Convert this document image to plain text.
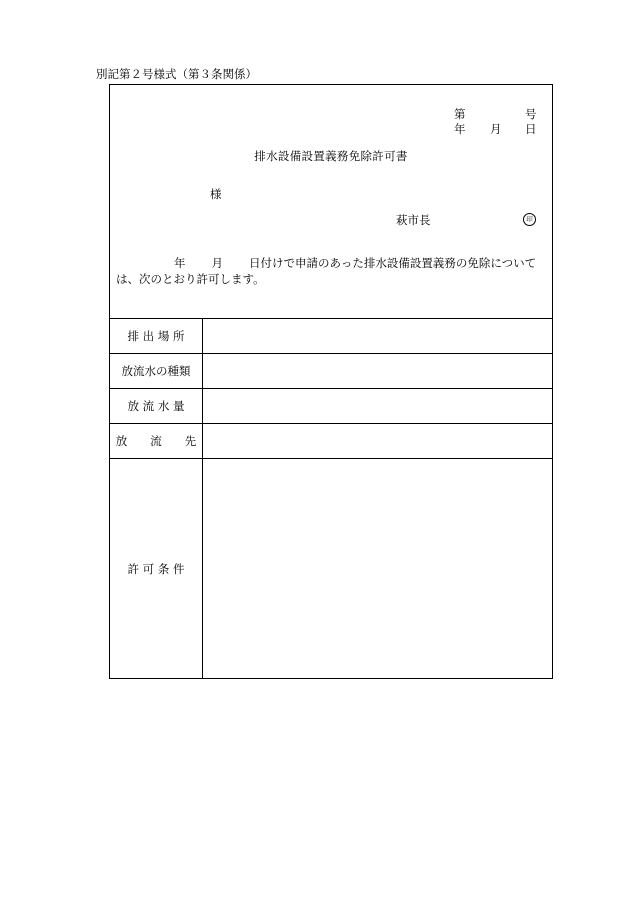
別記第２号様式（第３条関係）
第	号
年 月 日
排水設備設置義務免除許可書
様
萩市長	印
年 月 日付けで申請のあった排水設備設置義務の免除については、次のとおり許可します。
排 出 場 所
放流水の種類
放 流 水 量
放　　流　　先
許 可 条 件
